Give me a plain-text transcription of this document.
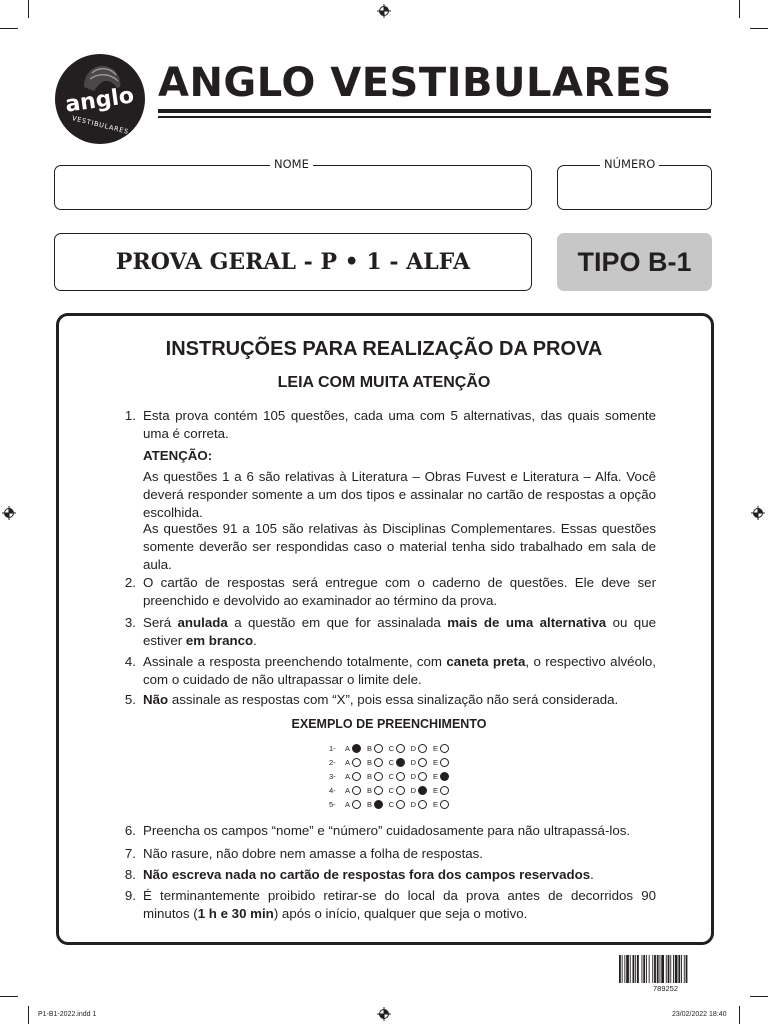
anglo
VESTIBULARES
ANGLO VESTIBULARES
NOME	NÚMERO
PROVA GERAL - P • 1 - ALFA	TIPO B-1
INSTRUÇÕES PARA REALIZAÇÃO DA PROVA
LEIA COM MUITA ATENÇÃO
1. Esta prova contém 105 questões, cada uma com 5 alternativas, das quais somente uma é correta.
ATENÇÃO:
As questões 1 a 6 são relativas à Literatura – Obras Fuvest e Literatura – Alfa. Você deverá responder somente a um dos tipos e assinalar no cartão de respostas a opção escolhida.
As questões 91 a 105 são relativas às Disciplinas Complementares. Essas questões somente deverão ser respondidas caso o material tenha sido trabalhado em sala de aula.
2. O cartão de respostas será entregue com o caderno de questões. Ele deve ser preenchido e devolvido ao examinador ao término da prova.
3. Será anulada a questão em que for assinalada mais de uma alternativa ou que estiver em branco.
4. Assinale a resposta preenchendo totalmente, com caneta preta, o respectivo alvéolo, com o cuidado de não ultrapassar o limite dele.
5. Não assinale as respostas com “X”, pois essa sinalização não será considerada.
EXEMPLO DE PREENCHIMENTO
1-	A B C D E
2-	A B C D E
3-	A B C D E
4-	A B C D E
5-	A B C D E
6. Preencha os campos “nome” e “número” cuidadosamente para não ultrapassá-los.
7. Não rasure, não dobre nem amasse a folha de respostas.
8. Não escreva nada no cartão de respostas fora dos campos reservados.
9. É terminantemente proibido retirar-se do local da prova antes de decorridos 90 minutos (1 h e 30 min) após o início, qualquer que seja o motivo.
789252
P1-B1-2022.indd 1	23/02/2022 18:40
